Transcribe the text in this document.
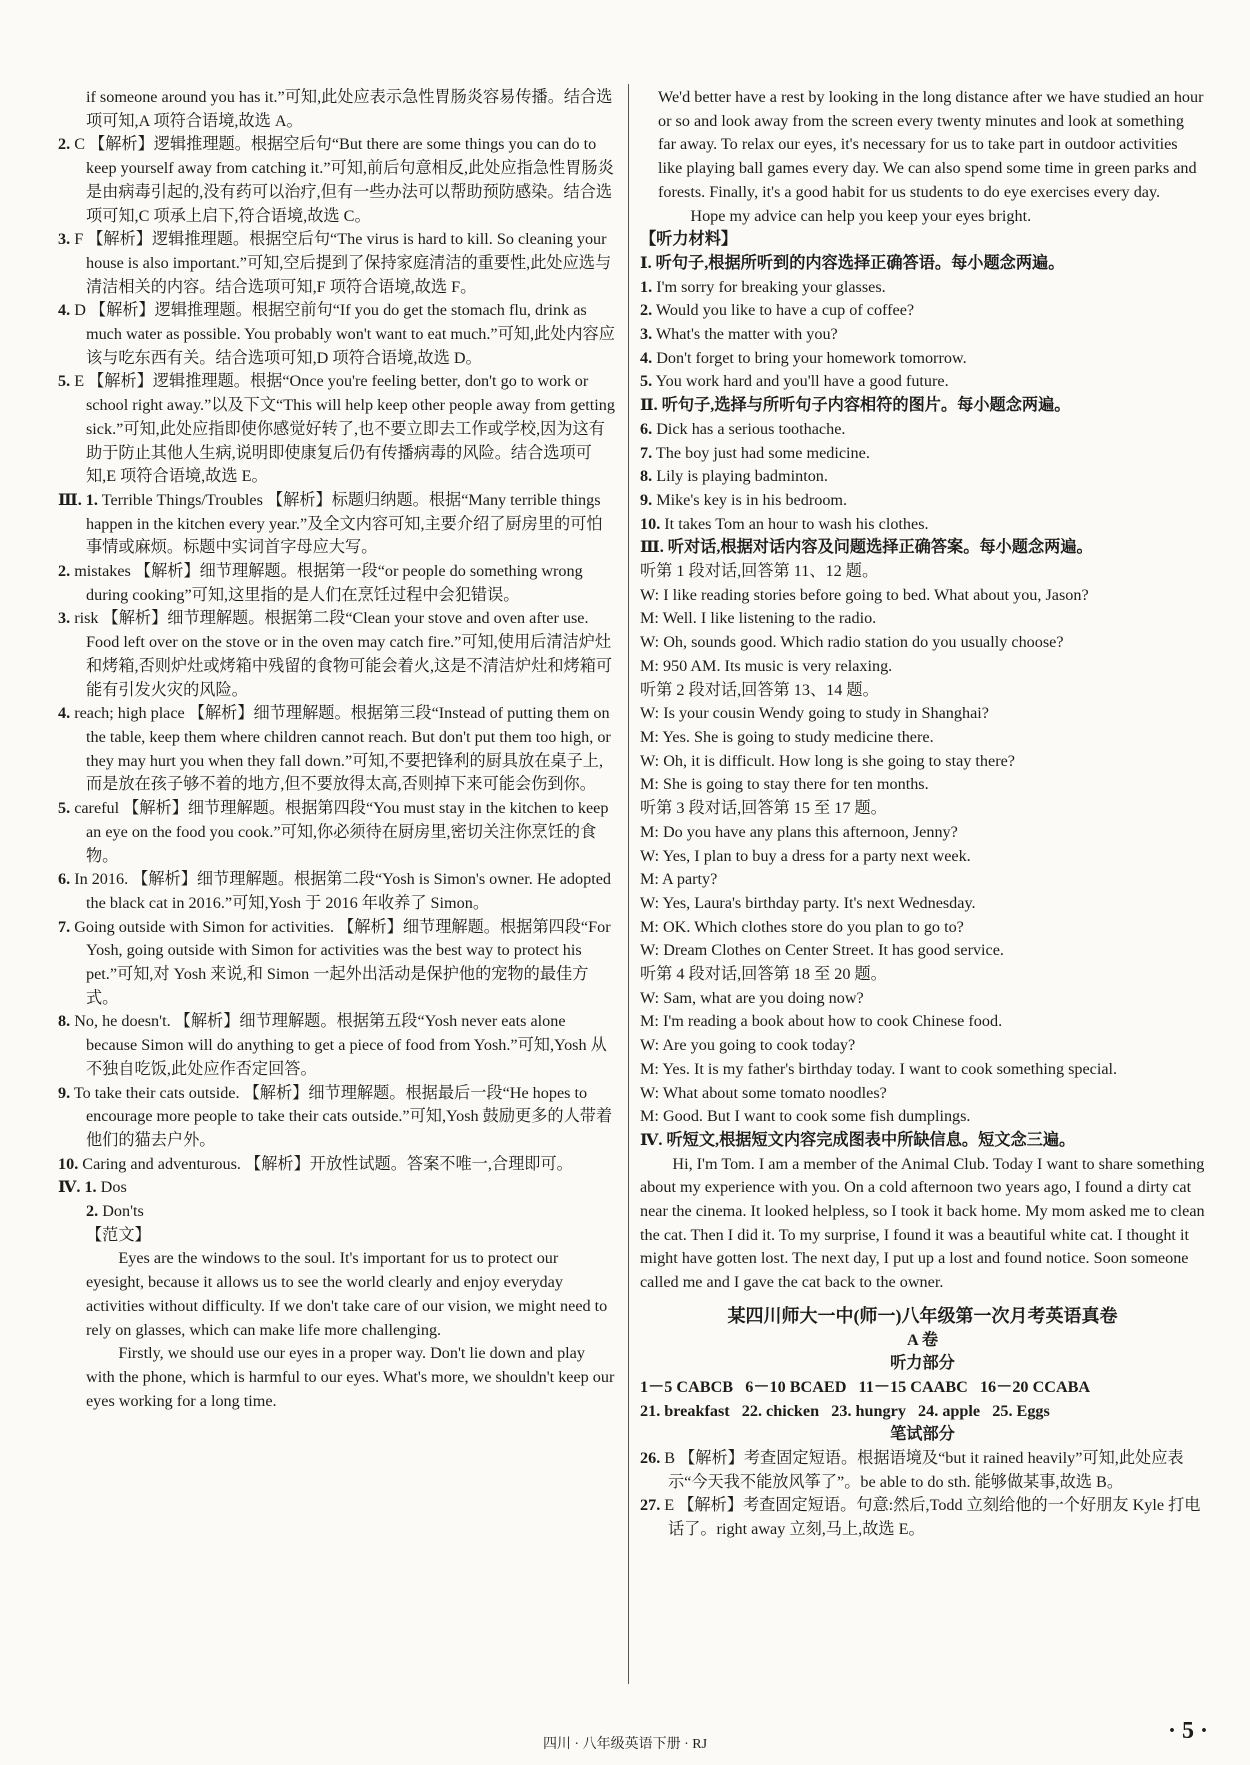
if someone around you has it.”可知,此处应表示急性胃肠炎容易传播。结合选项可知,A 项符合语境,故选 A。

2. C 【解析】逻辑推理题。根据空后句“But there are some things you can do to keep yourself away from catching it.”可知,前后句意相反,此处应指急性胃肠炎是由病毒引起的,没有药可以治疗,但有一些办法可以帮助预防感染。结合选项可知,C 项承上启下,符合语境,故选 C。

3. F 【解析】逻辑推理题。根据空后句“The virus is hard to kill. So cleaning your house is also important.”可知,空后提到了保持家庭清洁的重要性,此处应选与清洁相关的内容。结合选项可知,F 项符合语境,故选 F。

4. D 【解析】逻辑推理题。根据空前句“If you do get the stomach flu, drink as much water as possible. You probably won't want to eat much.”可知,此处内容应该与吃东西有关。结合选项可知,D 项符合语境,故选 D。

5. E 【解析】逻辑推理题。根据“Once you're feeling better, don't go to work or school right away.”以及下文“This will help keep other people away from getting sick.”可知,此处应指即使你感觉好转了,也不要立即去工作或学校,因为这有助于防止其他人生病,说明即使康复后仍有传播病毒的风险。结合选项可知,E 项符合语境,故选 E。

Ⅲ. 1. Terrible Things/Troubles 【解析】标题归纳题。根据“Many terrible things happen in the kitchen every year.”及全文内容可知,主要介绍了厨房里的可怕事情或麻烦。标题中实词首字母应大写。

2. mistakes 【解析】细节理解题。根据第一段“or people do something wrong during cooking”可知,这里指的是人们在烹饪过程中会犯错误。

3. risk 【解析】细节理解题。根据第二段“Clean your stove and oven after use. Food left over on the stove or in the oven may catch fire.”可知,使用后清洁炉灶和烤箱,否则炉灶或烤箱中残留的食物可能会着火,这是不清洁炉灶和烤箱可能有引发火灾的风险。

4. reach; high place 【解析】细节理解题。根据第三段“Instead of putting them on the table, keep them where children cannot reach. But don't put them too high, or they may hurt you when they fall down.”可知,不要把锋利的厨具放在桌子上,而是放在孩子够不着的地方,但不要放得太高,否则掉下来可能会伤到你。

5. careful 【解析】细节理解题。根据第四段“You must stay in the kitchen to keep an eye on the food you cook.”可知,你必须待在厨房里,密切关注你烹饪的食物。

6. In 2016. 【解析】细节理解题。根据第二段“Yosh is Simon's owner. He adopted the black cat in 2016.”可知,Yosh 于 2016 年收养了 Simon。

7. Going outside with Simon for activities. 【解析】细节理解题。根据第四段“For Yosh, going outside with Simon for activities was the best way to protect his pet.”可知,对 Yosh 来说,和 Simon 一起外出活动是保护他的宠物的最佳方式。

8. No, he doesn't. 【解析】细节理解题。根据第五段“Yosh never eats alone because Simon will do anything to get a piece of food from Yosh.”可知,Yosh 从不独自吃饭,此处应作否定回答。

9. To take their cats outside. 【解析】细节理解题。根据最后一段“He hopes to encourage more people to take their cats outside.”可知,Yosh 鼓励更多的人带着他们的猫去户外。

10. Caring and adventurous. 【解析】开放性试题。答案不唯一,合理即可。

Ⅳ. 1. Dos

2. Don'ts

【范文】

Eyes are the windows to the soul. It's important for us to protect our eyesight, because it allows us to see the world clearly and enjoy everyday activities without difficulty. If we don't take care of our vision, we might need to rely on glasses, which can make life more challenging.

Firstly, we should use our eyes in a proper way. Don't lie down and play with the phone, which is harmful to our eyes. What's more, we shouldn't keep our eyes working for a long time.

We'd better have a rest by looking in the long distance after we have studied an hour or so and look away from the screen every twenty minutes and look at something far away. To relax our eyes, it's necessary for us to take part in outdoor activities like playing ball games every day. We can also spend some time in green parks and forests. Finally, it's a good habit for us students to do eye exercises every day.

Hope my advice can help you keep your eyes bright.

【听力材料】

Ⅰ. 听句子,根据所听到的内容选择正确答语。每小题念两遍。

1. I'm sorry for breaking your glasses.

2. Would you like to have a cup of coffee?

3. What's the matter with you?

4. Don't forget to bring your homework tomorrow.

5. You work hard and you'll have a good future.

Ⅱ. 听句子,选择与所听句子内容相符的图片。每小题念两遍。

6. Dick has a serious toothache.

7. The boy just had some medicine.

8. Lily is playing badminton.

9. Mike's key is in his bedroom.

10. It takes Tom an hour to wash his clothes.

Ⅲ. 听对话,根据对话内容及问题选择正确答案。每小题念两遍。

听第 1 段对话,回答第 11、12 题。

W: I like reading stories before going to bed. What about you, Jason?

M: Well. I like listening to the radio.

W: Oh, sounds good. Which radio station do you usually choose?

M: 950 AM. Its music is very relaxing.

听第 2 段对话,回答第 13、14 题。

W: Is your cousin Wendy going to study in Shanghai?

M: Yes. She is going to study medicine there.

W: Oh, it is difficult. How long is she going to stay there?

M: She is going to stay there for ten months.

听第 3 段对话,回答第 15 至 17 题。

M: Do you have any plans this afternoon, Jenny?

W: Yes, I plan to buy a dress for a party next week.

M: A party?

W: Yes, Laura's birthday party. It's next Wednesday.

M: OK. Which clothes store do you plan to go to?

W: Dream Clothes on Center Street. It has good service.

听第 4 段对话,回答第 18 至 20 题。

W: Sam, what are you doing now?

M: I'm reading a book about how to cook Chinese food.

W: Are you going to cook today?

M: Yes. It is my father's birthday today. I want to cook something special.

W: What about some tomato noodles?

M: Good. But I want to cook some fish dumplings.

Ⅳ. 听短文,根据短文内容完成图表中所缺信息。短文念三遍。

Hi, I'm Tom. I am a member of the Animal Club. Today I want to share something about my experience with you. On a cold afternoon two years ago, I found a dirty cat near the cinema. It looked helpless, so I took it back home. My mom asked me to clean the cat. Then I did it. To my surprise, I found it was a beautiful white cat. I thought it might have gotten lost. The next day, I put up a lost and found notice. Soon someone called me and I gave the cat back to the owner.

某四川师大一中(师一)八年级第一次月考英语真卷

A 卷

听力部分

1－5 CABCB   6－10 BCAED   11－15 CAABC   16－20 CCABA

21. breakfast   22. chicken   23. hungry   24. apple   25. Eggs

笔试部分

26. B 【解析】考查固定短语。根据语境及“but it rained heavily”可知,此处应表示“今天我不能放风筝了”。be able to do sth. 能够做某事,故选 B。

27. E 【解析】考查固定短语。句意:然后,Todd 立刻给他的一个好朋友 Kyle 打电话了。right away 立刻,马上,故选 E。

四川 · 八年级英语下册 · RJ
· 5 ·
